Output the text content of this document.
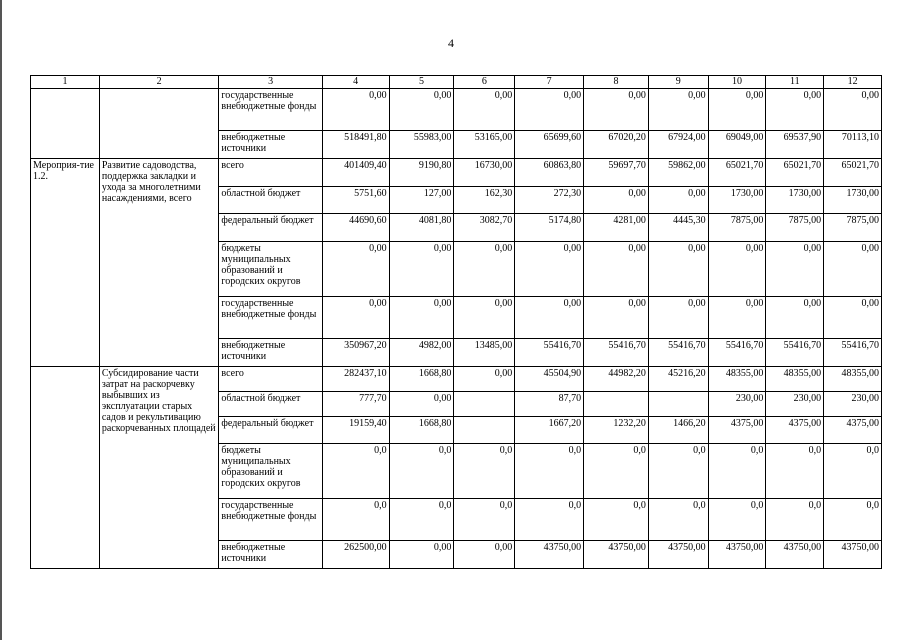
4
1	2	3	4	5	6	7	8	9	10	11	12
		государственные внебюджетные фонды	0,00	0,00	0,00	0,00	0,00	0,00	0,00	0,00	0,00
		внебюджетные источники	518491,80	55983,00	53165,00	65699,60	67020,20	67924,00	69049,00	69537,90	70113,10
Мероприя-тие 1.2.	Развитие садоводства, поддержка закладки и ухода за многолетними насаждениями, всего	всего	401409,40	9190,80	16730,00	60863,80	59697,70	59862,00	65021,70	65021,70	65021,70
		областной бюджет	5751,60	127,00	162,30	272,30	0,00	0,00	1730,00	1730,00	1730,00
		федеральный бюджет	44690,60	4081,80	3082,70	5174,80	4281,00	4445,30	7875,00	7875,00	7875,00
		бюджеты муниципальных образований и городских округов	0,00	0,00	0,00	0,00	0,00	0,00	0,00	0,00	0,00
		государственные внебюджетные фонды	0,00	0,00	0,00	0,00	0,00	0,00	0,00	0,00	0,00
		внебюджетные источники	350967,20	4982,00	13485,00	55416,70	55416,70	55416,70	55416,70	55416,70	55416,70
	Субсидирование части затрат на раскорчевку выбывших из эксплуатации старых садов и рекультивацию раскорчеванных площадей	всего	282437,10	1668,80	0,00	45504,90	44982,20	45216,20	48355,00	48355,00	48355,00
		областной бюджет	777,70	0,00		87,70			230,00	230,00	230,00
		федеральный бюджет	19159,40	1668,80		1667,20	1232,20	1466,20	4375,00	4375,00	4375,00
		бюджеты муниципальных образований и городских округов	0,0	0,0	0,0	0,0	0,0	0,0	0,0	0,0	0,0
		государственные внебюджетные фонды	0,0	0,0	0,0	0,0	0,0	0,0	0,0	0,0	0,0
		внебюджетные источники	262500,00	0,00	0,00	43750,00	43750,00	43750,00	43750,00	43750,00	43750,00
